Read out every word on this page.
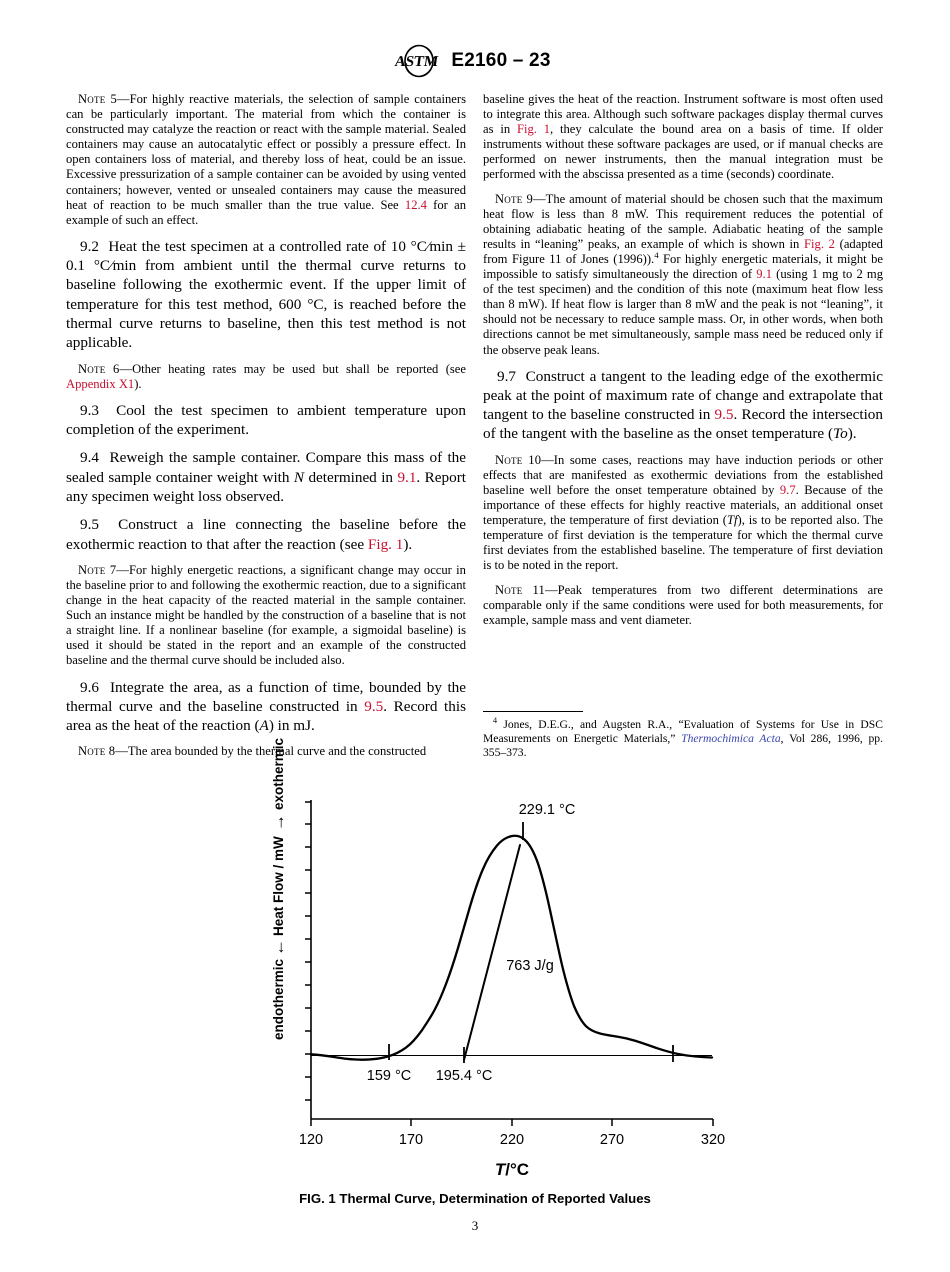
ASTM E2160 – 23

Note 5—For highly reactive materials, the selection of sample containers can be particularly important. The material from which the container is constructed may catalyze the reaction or react with the sample material. Sealed containers may cause an autocatalytic effect or possibly a pressure effect. In open containers loss of material, and thereby loss of heat, could be an issue. Excessive pressurization of a sample container can be avoided by using vented containers; however, vented or unsealed containers may cause the measured heat of reaction to be much smaller than the true value. See 12.4 for an example of such an effect.

9.2 Heat the test specimen at a controlled rate of 10 °C⁄min ± 0.1 °C⁄min from ambient until the thermal curve returns to baseline following the exothermic event. If the upper limit of temperature for this test method, 600 °C, is reached before the thermal curve returns to baseline, then this test method is not applicable.

Note 6—Other heating rates may be used but shall be reported (see Appendix X1).

9.3 Cool the test specimen to ambient temperature upon completion of the experiment.

9.4 Reweigh the sample container. Compare this mass of the sealed sample container weight with N determined in 9.1. Report any specimen weight loss observed.

9.5 Construct a line connecting the baseline before the exothermic reaction to that after the reaction (see Fig. 1).

Note 7—For highly energetic reactions, a significant change may occur in the baseline prior to and following the exothermic reaction, due to a significant change in the heat capacity of the reacted material in the sample container. Such an instance might be handled by the construction of a baseline that is not a straight line. If a nonlinear baseline (for example, a sigmoidal baseline) is used it should be stated in the report and an example of the constructed baseline and the thermal curve should be included also.

9.6 Integrate the area, as a function of time, bounded by the thermal curve and the baseline constructed in 9.5. Record this area as the heat of the reaction (A) in mJ.

Note 8—The area bounded by the thermal curve and the constructed

baseline gives the heat of the reaction. Instrument software is most often used to integrate this area. Although such software packages display thermal curves as in Fig. 1, they calculate the bound area on a basis of time. If older instruments without these software packages are used, or if manual checks are performed on newer instruments, then the manual integration must be performed with the abscissa presented as a time (seconds) coordinate.

Note 9—The amount of material should be chosen such that the maximum heat flow is less than 8 mW. This requirement reduces the potential of obtaining adiabatic heating of the sample. Adiabatic heating of the sample results in “leaning” peaks, an example of which is shown in Fig. 2 (adapted from Figure 11 of Jones (1996)).$^4$ For highly energetic materials, it might be impossible to satisfy simultaneously the direction of 9.1 (using 1 mg to 2 mg of the test specimen) and the condition of this note (maximum heat flow less than 8 mW). If heat flow is larger than 8 mW and the peak is not “leaning”, it should not be necessary to reduce sample mass. Or, in other words, when both directions cannot be met simultaneously, sample mass need be reduced only if the observe peak leans.

9.7 Construct a tangent to the leading edge of the exothermic peak at the point of maximum rate of change and extrapolate that tangent to the baseline constructed in 9.5. Record the intersection of the tangent with the baseline as the onset temperature (To).

Note 10—In some cases, reactions may have induction periods or other effects that are manifested as exothermic deviations from the established baseline well before the onset temperature obtained by 9.7. Because of the importance of these effects for highly reactive materials, an additional onset temperature, the temperature of first deviation (Tf), is to be reported also. The temperature of first deviation is the temperature for which the thermal curve first deviates from the established baseline. The temperature of first deviation is to be noted in the report.

Note 11—Peak temperatures from two different determinations are comparable only if the same conditions were used for both measurements, for example, sample mass and vent diameter.

$^4$ Jones, D.E.G., and Augsten R.A., “Evaluation of Systems for Use in DSC Measurements on Energetic Materials,” Thermochimica Acta, Vol 286, 1996, pp. 355–373.

endothermic
←
Heat Flow / mW
→
exothermic
120	170	220	270	320
229.1 °C
763 J/g
159 °C 195.4 °C
T/°C
FIG. 1 Thermal Curve, Determination of Reported Values
3
